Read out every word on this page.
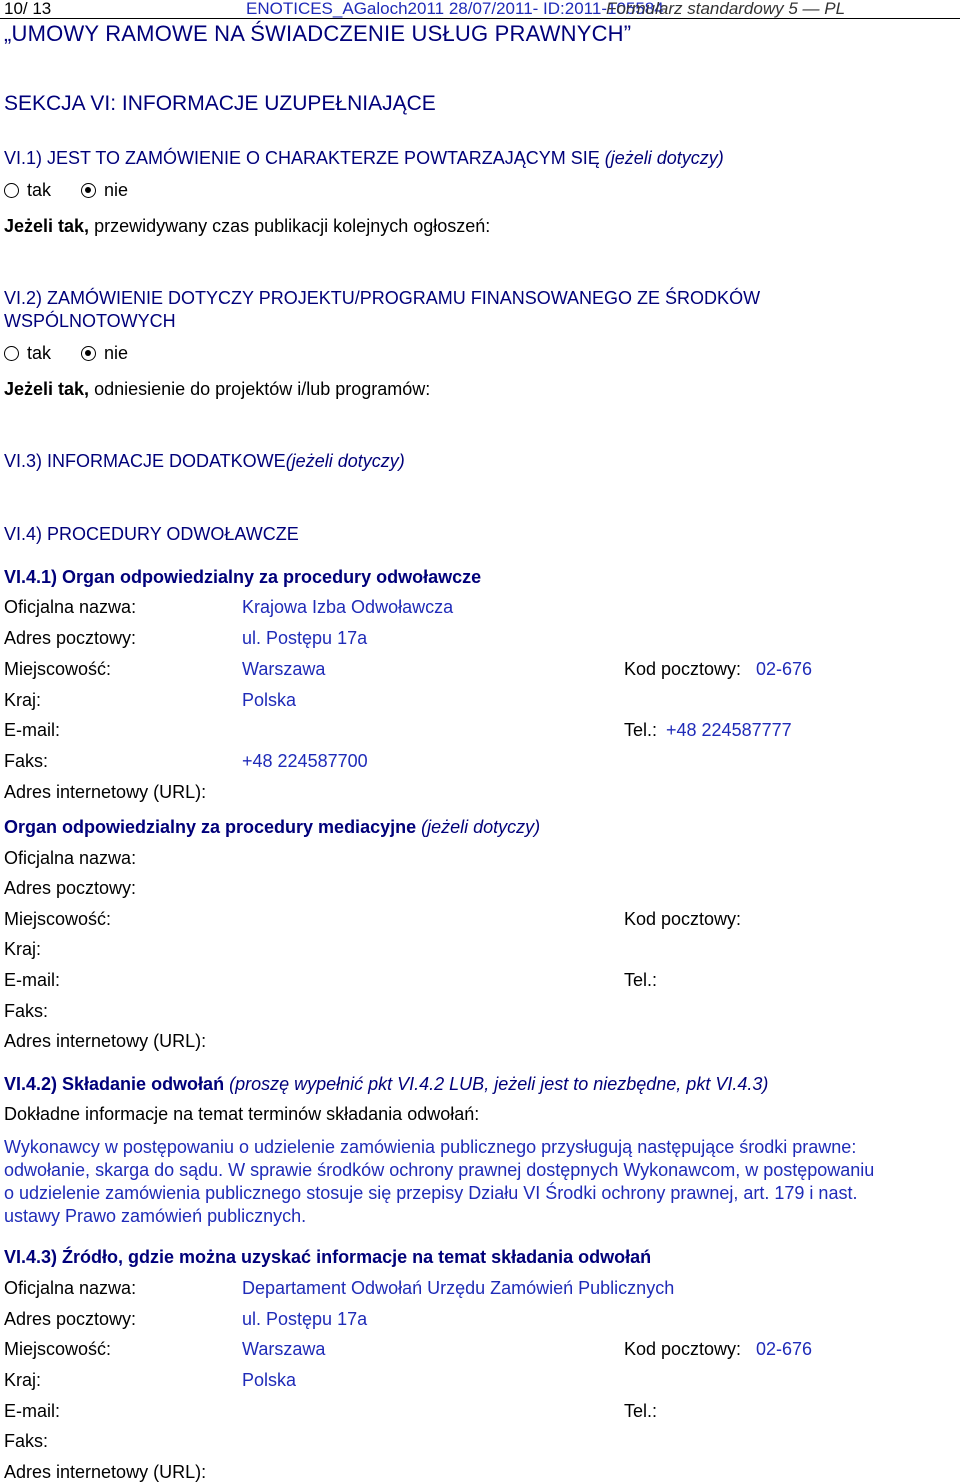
10/ 13	ENOTICES_AGaloch2011 28/07/2011- ID:2011-105584
Formularz standardowy 5 — PL
„UMOWY RAMOWE NA ŚWIADCZENIE USŁUG PRAWNYCH”
SEKCJA VI: INFORMACJE UZUPEŁNIAJĄCE
VI.1) JEST TO ZAMÓWIENIE O CHARAKTERZE POWTARZAJĄCYM SIĘ (jeżeli dotyczy)
tak	nie
Jeżeli tak, przewidywany czas publikacji kolejnych ogłoszeń:
VI.2) ZAMÓWIENIE DOTYCZY PROJEKTU/PROGRAMU FINANSOWANEGO ZE ŚRODKÓW
WSPÓLNOTOWYCH
tak	nie
Jeżeli tak, odniesienie do projektów i/lub programów:
VI.3) INFORMACJE DODATKOWE(jeżeli dotyczy)
VI.4) PROCEDURY ODWOŁAWCZE
VI.4.1) Organ odpowiedzialny za procedury odwoławcze
Oficjalna nazwa:	Krajowa Izba Odwoławcza
Adres pocztowy:	ul. Postępu 17a
Miejscowość:	Warszawa	Kod pocztowy: 02-676
Kraj:	Polska
E-mail:	Tel.: +48 224587777
Faks:	+48 224587700
Adres internetowy (URL):
Organ odpowiedzialny za procedury mediacyjne (jeżeli dotyczy)
Oficjalna nazwa:
Adres pocztowy:
Miejscowość:	Kod pocztowy:
Kraj:
E-mail:	Tel.:
Faks:
Adres internetowy (URL):
VI.4.2) Składanie odwołań (proszę wypełnić pkt VI.4.2 LUB, jeżeli jest to niezbędne, pkt VI.4.3)
Dokładne informacje na temat terminów składania odwołań:
Wykonawcy w postępowaniu o udzielenie zamówienia publicznego przysługują następujące środki prawne:
odwołanie, skarga do sądu. W sprawie środków ochrony prawnej dostępnych Wykonawcom, w postępowaniu
o udzielenie zamówienia publicznego stosuje się przepisy Działu VI Środki ochrony prawnej, art. 179 i nast.
ustawy Prawo zamówień publicznych.
VI.4.3) Źródło, gdzie można uzyskać informacje na temat składania odwołań
Oficjalna nazwa:	Departament Odwołań Urzędu Zamówień Publicznych
Adres pocztowy:	ul. Postępu 17a
Miejscowość:	Warszawa	Kod pocztowy: 02-676
Kraj:	Polska
E-mail:	Tel.:
Faks:
Adres internetowy (URL):
